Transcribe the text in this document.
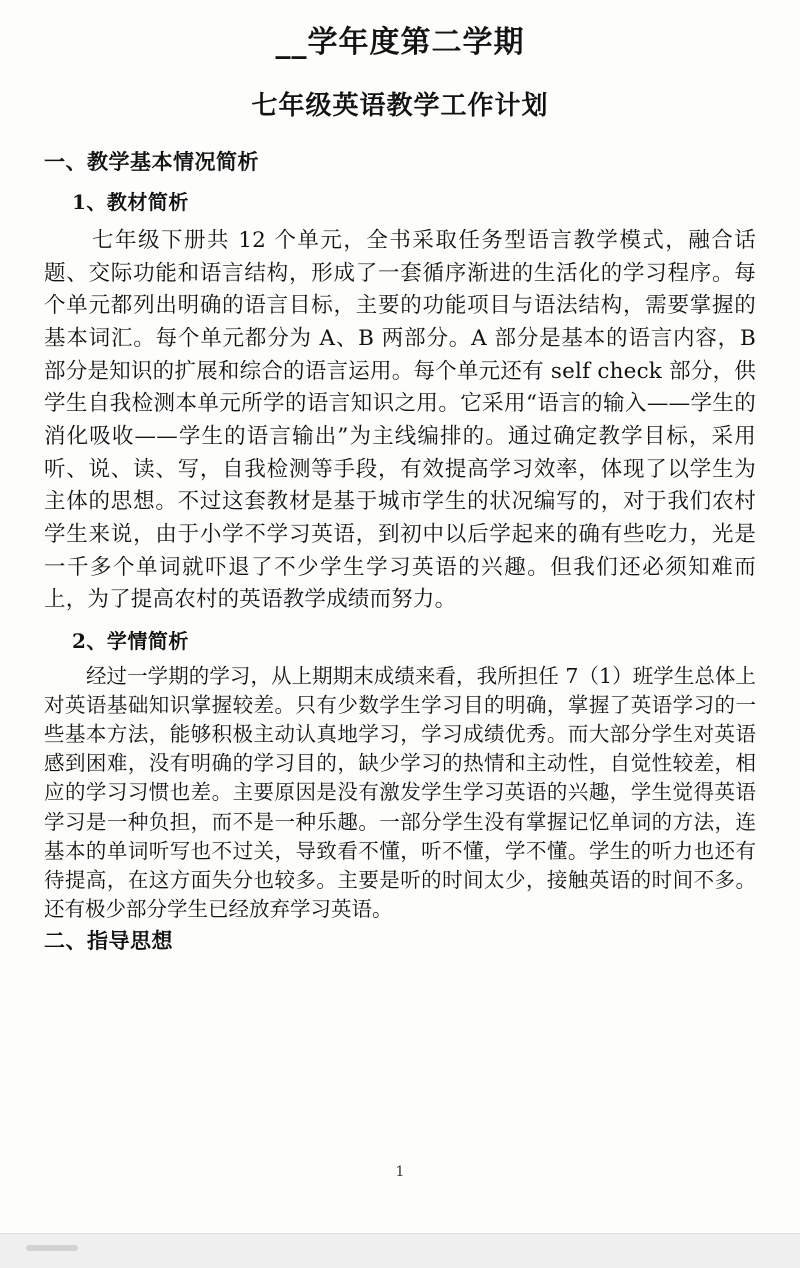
__学年度第二学期
七年级英语教学工作计划
一、教学基本情况简析
1、教材简析

七年级下册共 12 个单元，全书采取任务型语言教学模式，融合话题、交际功能和语言结构，形成了一套循序渐进的生活化的学习程序。每个单元都列出明确的语言目标，主要的功能项目与语法结构，需要掌握的基本词汇。每个单元都分为 A、B 两部分。A 部分是基本的语言内容，B 部分是知识的扩展和综合的语言运用。每个单元还有 self check 部分，供学生自我检测本单元所学的语言知识之用。它采用“语言的输入——学生的消化吸收——学生的语言输出”为主线编排的。通过确定教学目标，采用听、说、读、写，自我检测等手段，有效提高学习效率，体现了以学生为主体的思想。不过这套教材是基于城市学生的状况编写的，对于我们农村学生来说，由于小学不学习英语，到初中以后学起来的确有些吃力，光是一千多个单词就吓退了不少学生学习英语的兴趣。但我们还必须知难而上，为了提高农村的英语教学成绩而努力。

2、学情简析

经过一学期的学习，从上期期末成绩来看，我所担任 7（1）班学生总体上对英语基础知识掌握较差。只有少数学生学习目的明确，掌握了英语学习的一些基本方法，能够积极主动认真地学习，学习成绩优秀。而大部分学生对英语感到困难，没有明确的学习目的，缺少学习的热情和主动性，自觉性较差，相应的学习习惯也差。主要原因是没有激发学生学习英语的兴趣，学生觉得英语学习是一种负担，而不是一种乐趣。一部分学生没有掌握记忆单词的方法，连基本的单词听写也不过关，导致看不懂，听不懂，学不懂。学生的听力也还有待提高，在这方面失分也较多。主要是听的时间太少，接触英语的时间不多。还有极少部分学生已经放弃学习英语。

二、指导思想
1
